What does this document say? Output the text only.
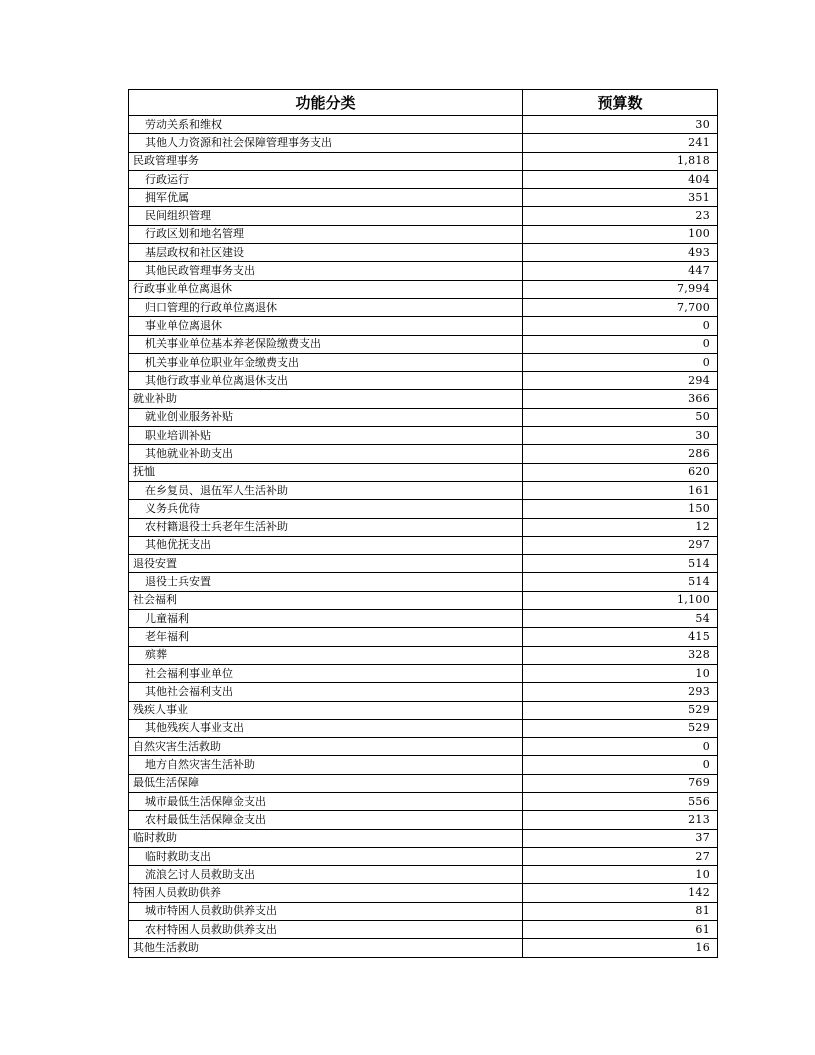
功能分类	预算数
劳动关系和维权	30
其他人力资源和社会保障管理事务支出	241
民政管理事务	1,818
行政运行	404
拥军优属	351
民间组织管理	23
行政区划和地名管理	100
基层政权和社区建设	493
其他民政管理事务支出	447
行政事业单位离退休	7,994
归口管理的行政单位离退休	7,700
事业单位离退休	0
机关事业单位基本养老保险缴费支出	0
机关事业单位职业年金缴费支出	0
其他行政事业单位离退休支出	294
就业补助	366
就业创业服务补贴	50
职业培训补贴	30
其他就业补助支出	286
抚恤	620
在乡复员、退伍军人生活补助	161
义务兵优待	150
农村籍退役士兵老年生活补助	12
其他优抚支出	297
退役安置	514
退役士兵安置	514
社会福利	1,100
儿童福利	54
老年福利	415
殡葬	328
社会福利事业单位	10
其他社会福利支出	293
残疾人事业	529
其他残疾人事业支出	529
自然灾害生活救助	0
地方自然灾害生活补助	0
最低生活保障	769
城市最低生活保障金支出	556
农村最低生活保障金支出	213
临时救助	37
临时救助支出	27
流浪乞讨人员救助支出	10
特困人员救助供养	142
城市特困人员救助供养支出	81
农村特困人员救助供养支出	61
其他生活救助	16
